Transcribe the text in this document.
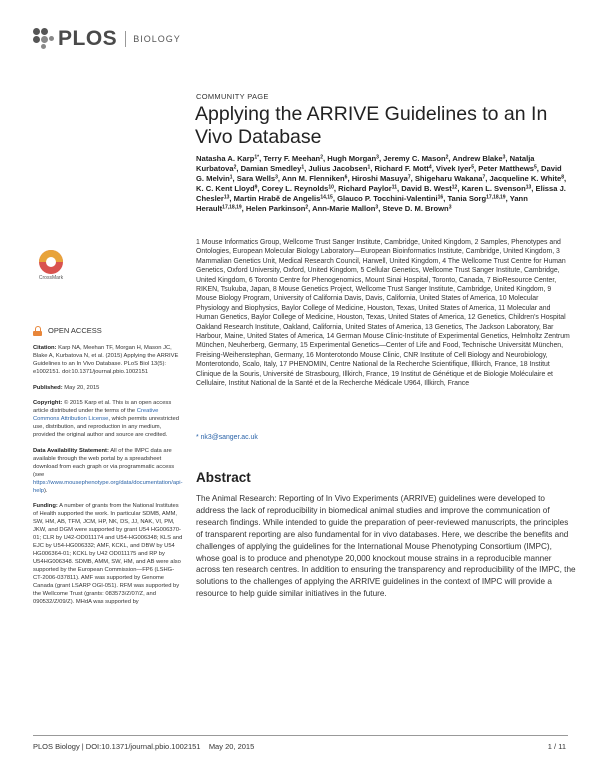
PLOS BIOLOGY
COMMUNITY PAGE
Applying the ARRIVE Guidelines to an In Vivo Database
Natasha A. Karp$^{1*}$, Terry F. Meehan$^2$, Hugh Morgan$^3$, Jeremy C. Mason$^2$, Andrew Blake$^3$, Natalja Kurbatova$^2$, Damian Smedley$^1$, Julius Jacobsen$^1$, Richard F. Mott$^4$, Vivek Iyer$^5$, Peter Matthews$^5$, David G. Melvin$^1$, Sara Wells$^3$, Ann M. Flenniken$^6$, Hiroshi Masuya$^7$, Shigeharu Wakana$^7$, Jacqueline K. White$^8$, K. C. Kent Lloyd$^9$, Corey L. Reynolds$^{10}$, Richard Paylor$^{11}$, David B. West$^{12}$, Karen L. Svenson$^{13}$, Elissa J. Chesler$^{13}$, Martin Hrabě de Angelis$^{14,15}$, Glauco P. Tocchini-Valentini$^{16}$, Tania Sorg$^{17,18,19}$, Yann Herault$^{17,18,19}$, Helen Parkinson$^2$, Ann-Marie Mallon$^3$, Steve D. M. Brown$^3$
1 Mouse Informatics Group, Wellcome Trust Sanger Institute, Cambridge, United Kingdom, 2 Samples, Phenotypes and Ontologies, European Molecular Biology Laboratory—European Bioinformatics Institute, Cambridge, United Kingdom, 3 Mammalian Genetics Unit, Medical Research Council, Harwell, United Kingdom, 4 The Wellcome Trust Centre for Human Genetics, Oxford University, Oxford, United Kingdom, 5 Cellular Genetics, Wellcome Trust Sanger Institute, Cambridge, United Kingdom, 6 Toronto Centre for Phenogenomics, Mount Sinai Hospital, Toronto, Canada, 7 BioResource Center, RIKEN, Tsukuba, Japan, 8 Mouse Genetics Project, Wellcome Trust Sanger Institute, Cambridge, United Kingdom, 9 Mouse Biology Program, University of California Davis, Davis, California, United States of America, 10 Molecular Physiology and Biophysics, Baylor College of Medicine, Houston, Texas, United States of America, 11 Molecular and Human Genetics, Baylor College of Medicine, Houston, Texas, United States of America, 12 Genetics, Children's Hospital Oakland Research Institute, Oakland, California, United States of America, 13 Genetics, The Jackson Laboratory, Bar Harbour, Maine, United States of America, 14 German Mouse Clinic-Institute of Experimental Genetics, Helmholtz Zentrum München, Neuherberg, Germany, 15 Experimental Genetics—Center of Life and Food, Technische Universität München, Freising-Weihenstephan, Germany, 16 Monterotondo Mouse Clinic, CNR Institute of Cell Biology and Neurobiology, Monterotondo, Scalo, Italy, 17 PHENOMIN, Centre National de la Recherche Scientifique, Illkirch, France, 18 Institut Clinique de la Souris, Université de Strasbourg, Illkirch, France, 19 Institut de Génétique et de Biologie Moléculaire et Cellulaire, Institut National de la Santé et de la Recherche Médicale U964, Illkirch, France
* nk3@sanger.ac.uk
Abstract
The Animal Research: Reporting of In Vivo Experiments (ARRIVE) guidelines were developed to address the lack of reproducibility in biomedical animal studies and improve the communication of research findings. While intended to guide the preparation of peer-reviewed manuscripts, the principles of transparent reporting are also fundamental for in vivo databases. Here, we describe the benefits and challenges of applying the guidelines for the International Mouse Phenotyping Consortium (IMPC), whose goal is to produce and phenotype 20,000 knockout mouse strains in a reproducible manner across ten research centres. In addition to ensuring the transparency and reproducibility of the IMPC, the solutions to the challenges of applying the ARRIVE guidelines in the context of IMPC will provide a resource to help guide similar initiatives in the future.
CrossMark
OPEN ACCESS

Citation: Karp NA, Meehan TF, Morgan H, Mason JC, Blake A, Kurbatova N, et al. (2015) Applying the ARRIVE Guidelines to an In Vivo Database. PLoS Biol 13(5): e1002151. doi:10.1371/journal.pbio.1002151

Published: May 20, 2015

Copyright: © 2015 Karp et al. This is an open access article distributed under the terms of the Creative Commons Attribution License, which permits unrestricted use, distribution, and reproduction in any medium, provided the original author and source are credited.

Data Availability Statement: All of the IMPC data are available through the web portal by a spreadsheet download from each graph or via programmatic access (see https://www.mousephenotype.org/data/documentation/api-help).

Funding: A number of grants from the National Institutes of Health supported the work. In particular SDMB, AMM, SW, HM, AB, TFM, JCM, HP, NK, DS, JJ, NAK, VI, PM, JKW, and DGM were supported by grant U54 HG006370-01; CLR by U42-OD011174 and U54-HG006348; KLS and EJC by U54-HG006332; AMF, KCKL, and DBW by U54 HG006364-01; KCKL by U42 OD011175 and RP by U54HG006348. SDMB, AMM, SW, HM, and AB were also supported by the European Commission—FP6 (LSHG-CT-2006-037811). AMF was supported by Genome Canada (grant LSARP OGI-051). RFM was supported by the Wellcome Trust (grants: 083573/Z/07/Z, and 090532/Z/09/Z). MHdA was supported by

PLOS Biology | DOI:10.1371/journal.pbio.1002151    May 20, 2015	1 / 11
